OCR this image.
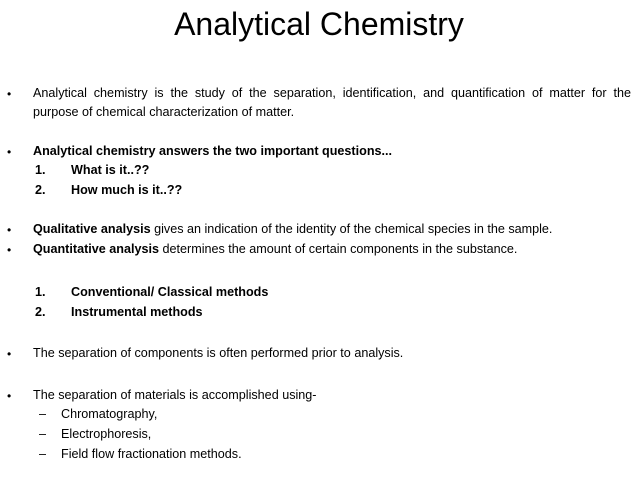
Analytical Chemistry
• Analytical chemistry is the study of the separation, identification, and quantification of matter for the purpose of chemical characterization of matter.
• Analytical chemistry answers the two important questions...
1. What is it..??
2. How much is it..??
• Qualitative analysis gives an indication of the identity of the chemical species in the sample.
• Quantitative analysis determines the amount of certain components in the substance.
1. Conventional/ Classical methods
2. Instrumental methods
• The separation of components is often performed prior to analysis.
• The separation of materials is accomplished using-
– Chromatography,
– Electrophoresis,
– Field flow fractionation methods.
